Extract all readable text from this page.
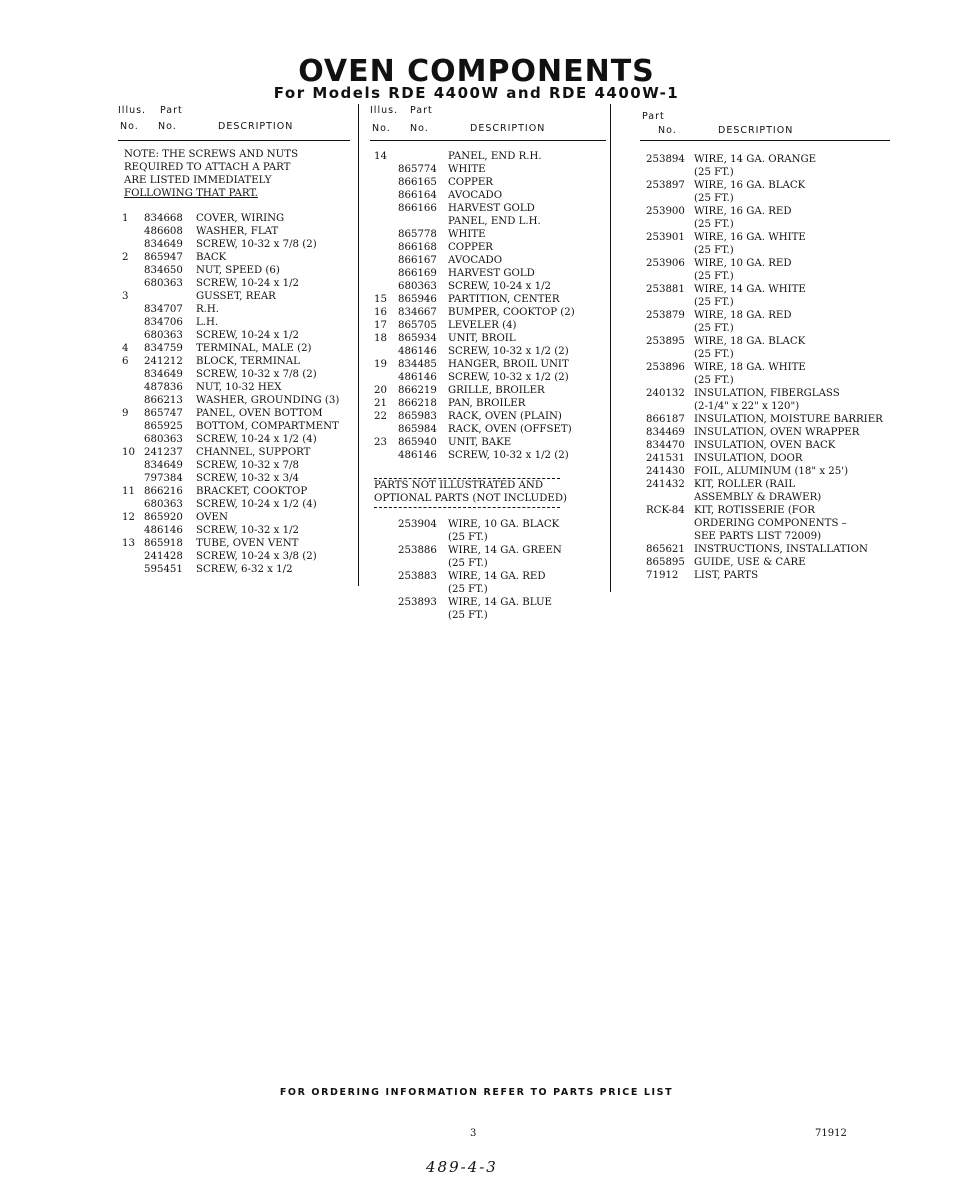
OVEN COMPONENTS
For Models RDE 4400W and RDE 4400W-1
Illus. Part
No. No.	DESCRIPTION
NOTE: THE SCREWS AND NUTS
REQUIRED TO ATTACH A PART
ARE LISTED IMMEDIATELY
FOLLOWING THAT PART.
1 834668 COVER, WIRING
486608 WASHER, FLAT
834649 SCREW, 10-32 x 7/8 (2)
2 865947 BACK
834650 NUT, SPEED (6)
680363 SCREW, 10-24 x 1/2
3	GUSSET, REAR
834707 R.H.
834706 L.H.
680363 SCREW, 10-24 x 1/2
4 834759 TERMINAL, MALE (2)
6 241212 BLOCK, TERMINAL
834649 SCREW, 10-32 x 7/8 (2)
487836 NUT, 10-32 HEX
866213 WASHER, GROUNDING (3)
9 865747 PANEL, OVEN BOTTOM
865925 BOTTOM, COMPARTMENT
680363 SCREW, 10-24 x 1/2 (4)
10 241237 CHANNEL, SUPPORT
834649 SCREW, 10-32 x 7/8
797384 SCREW, 10-32 x 3/4
11 866216 BRACKET, COOKTOP
680363 SCREW, 10-24 x 1/2 (4)
12 865920 OVEN
486146 SCREW, 10-32 x 1/2
13 865918 TUBE, OVEN VENT
241428 SCREW, 10-24 x 3/8 (2)
595451 SCREW, 6-32 x 1/2
Illus. Part
No. No.	DESCRIPTION
14	PANEL, END R.H.
865774 WHITE
866165 COPPER
866164 AVOCADO
866166 HARVEST GOLD
PANEL, END L.H.
865778 WHITE
866168 COPPER
866167 AVOCADO
866169 HARVEST GOLD
680363 SCREW, 10-24 x 1/2
15 865946 PARTITION, CENTER
16 834667 BUMPER, COOKTOP (2)
17 865705 LEVELER (4)
18 865934 UNIT, BROIL
486146 SCREW, 10-32 x 1/2 (2)
19 834485 HANGER, BROIL UNIT
486146 SCREW, 10-32 x 1/2 (2)
20 866219 GRILLE, BROILER
21 866218 PAN, BROILER
22 865983 RACK, OVEN (PLAIN)
865984 RACK, OVEN (OFFSET)
23 865940 UNIT, BAKE
486146 SCREW, 10-32 x 1/2 (2)
PARTS NOT ILLUSTRATED AND
OPTIONAL PARTS (NOT INCLUDED)
253904 WIRE, 10 GA. BLACK
(25 FT.)
253886 WIRE, 14 GA. GREEN
(25 FT.)
253883 WIRE, 14 GA. RED
(25 FT.)
253893 WIRE, 14 GA. BLUE
(25 FT.)
Part
No.	DESCRIPTION
253894 WIRE, 14 GA. ORANGE
(25 FT.)
253897 WIRE, 16 GA. BLACK
(25 FT.)
253900 WIRE, 16 GA. RED
(25 FT.)
253901 WIRE, 16 GA. WHITE
(25 FT.)
253906 WIRE, 10 GA. RED
(25 FT.)
253881 WIRE, 14 GA. WHITE
(25 FT.)
253879 WIRE, 18 GA. RED
(25 FT.)
253895 WIRE, 18 GA. BLACK
(25 FT.)
253896 WIRE, 18 GA. WHITE
(25 FT.)
240132 INSULATION, FIBERGLASS
(2-1/4" x 22" x 120")
866187 INSULATION, MOISTURE BARRIER
834469 INSULATION, OVEN WRAPPER
834470 INSULATION, OVEN BACK
241531 INSULATION, DOOR
241430 FOIL, ALUMINUM (18" x 25')
241432 KIT, ROLLER (RAIL
ASSEMBLY & DRAWER)
RCK-84 KIT, ROTISSERIE (FOR
ORDERING COMPONENTS –
SEE PARTS LIST 72009)
865621 INSTRUCTIONS, INSTALLATION
865895 GUIDE, USE & CARE
71912 LIST, PARTS

FOR ORDERING INFORMATION REFER TO PARTS PRICE LIST

3	71912
489-4-3
